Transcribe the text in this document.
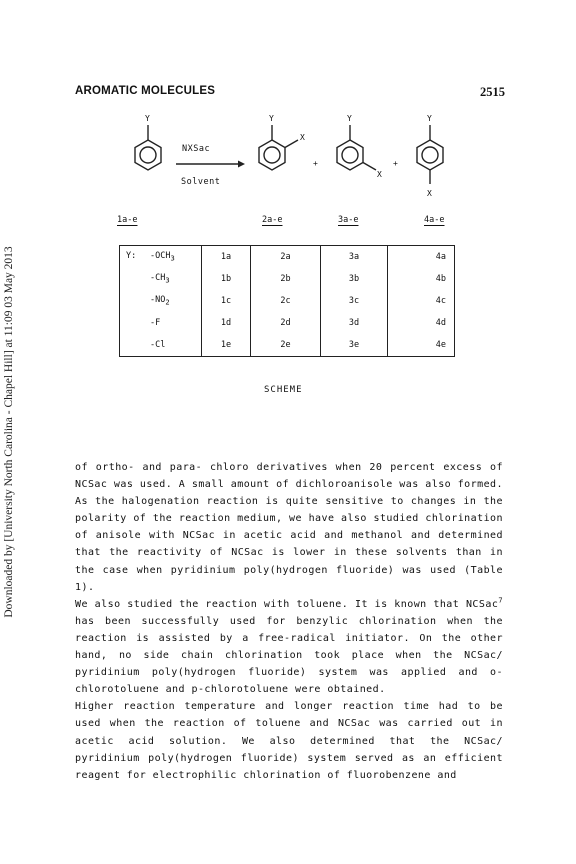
Downloaded by [University North Carolina - Chapel Hill] at 11:09 03 May 2013
AROMATIC MOLECULES	2515
Y	Y	Y	Y
X
X
X
+	+
NXSac
Solvent
1a-e	2a-e	3a-e	4a-e
Y: $-OCH_3$	1a	2a	3a	4a
$-CH_3$	1b	2b	3b	4b
$-NO_2$	1c	2c	3c	4c
-F	1d	2d	3d	4d
-Cl	1e	2e	3e	4e
SCHEME

of ortho- and para- chloro derivatives when 20 percent excess of NCSac was used. A small amount of dichloroanisole was also formed. As the halogenation reaction is quite sensitive to changes in the polarity of the reaction medium, we have also studied chlorination of anisole with NCSac in acetic acid and methanol and determined that the reactivity of NCSac is lower in these solvents than in the case when pyridinium poly(hydrogen fluoride) was used (Table 1).

We also studied the reaction with toluene. It is known that NCSac$^7$ has been successfully used for benzylic chlorination when the reaction is assisted by a free-radical initiator. On the other hand, no side chain chlorination took place when the NCSac/ pyridinium poly(hydrogen fluoride) system was applied and o-chlorotoluene and p-chlorotoluene were obtained.

Higher reaction temperature and longer reaction time had to be used when the reaction of toluene and NCSac was carried out in acetic acid solution. We also determined that the NCSac/ pyridinium poly(hydrogen fluoride) system served as an efficient reagent for electrophilic chlorination of fluorobenzene and
